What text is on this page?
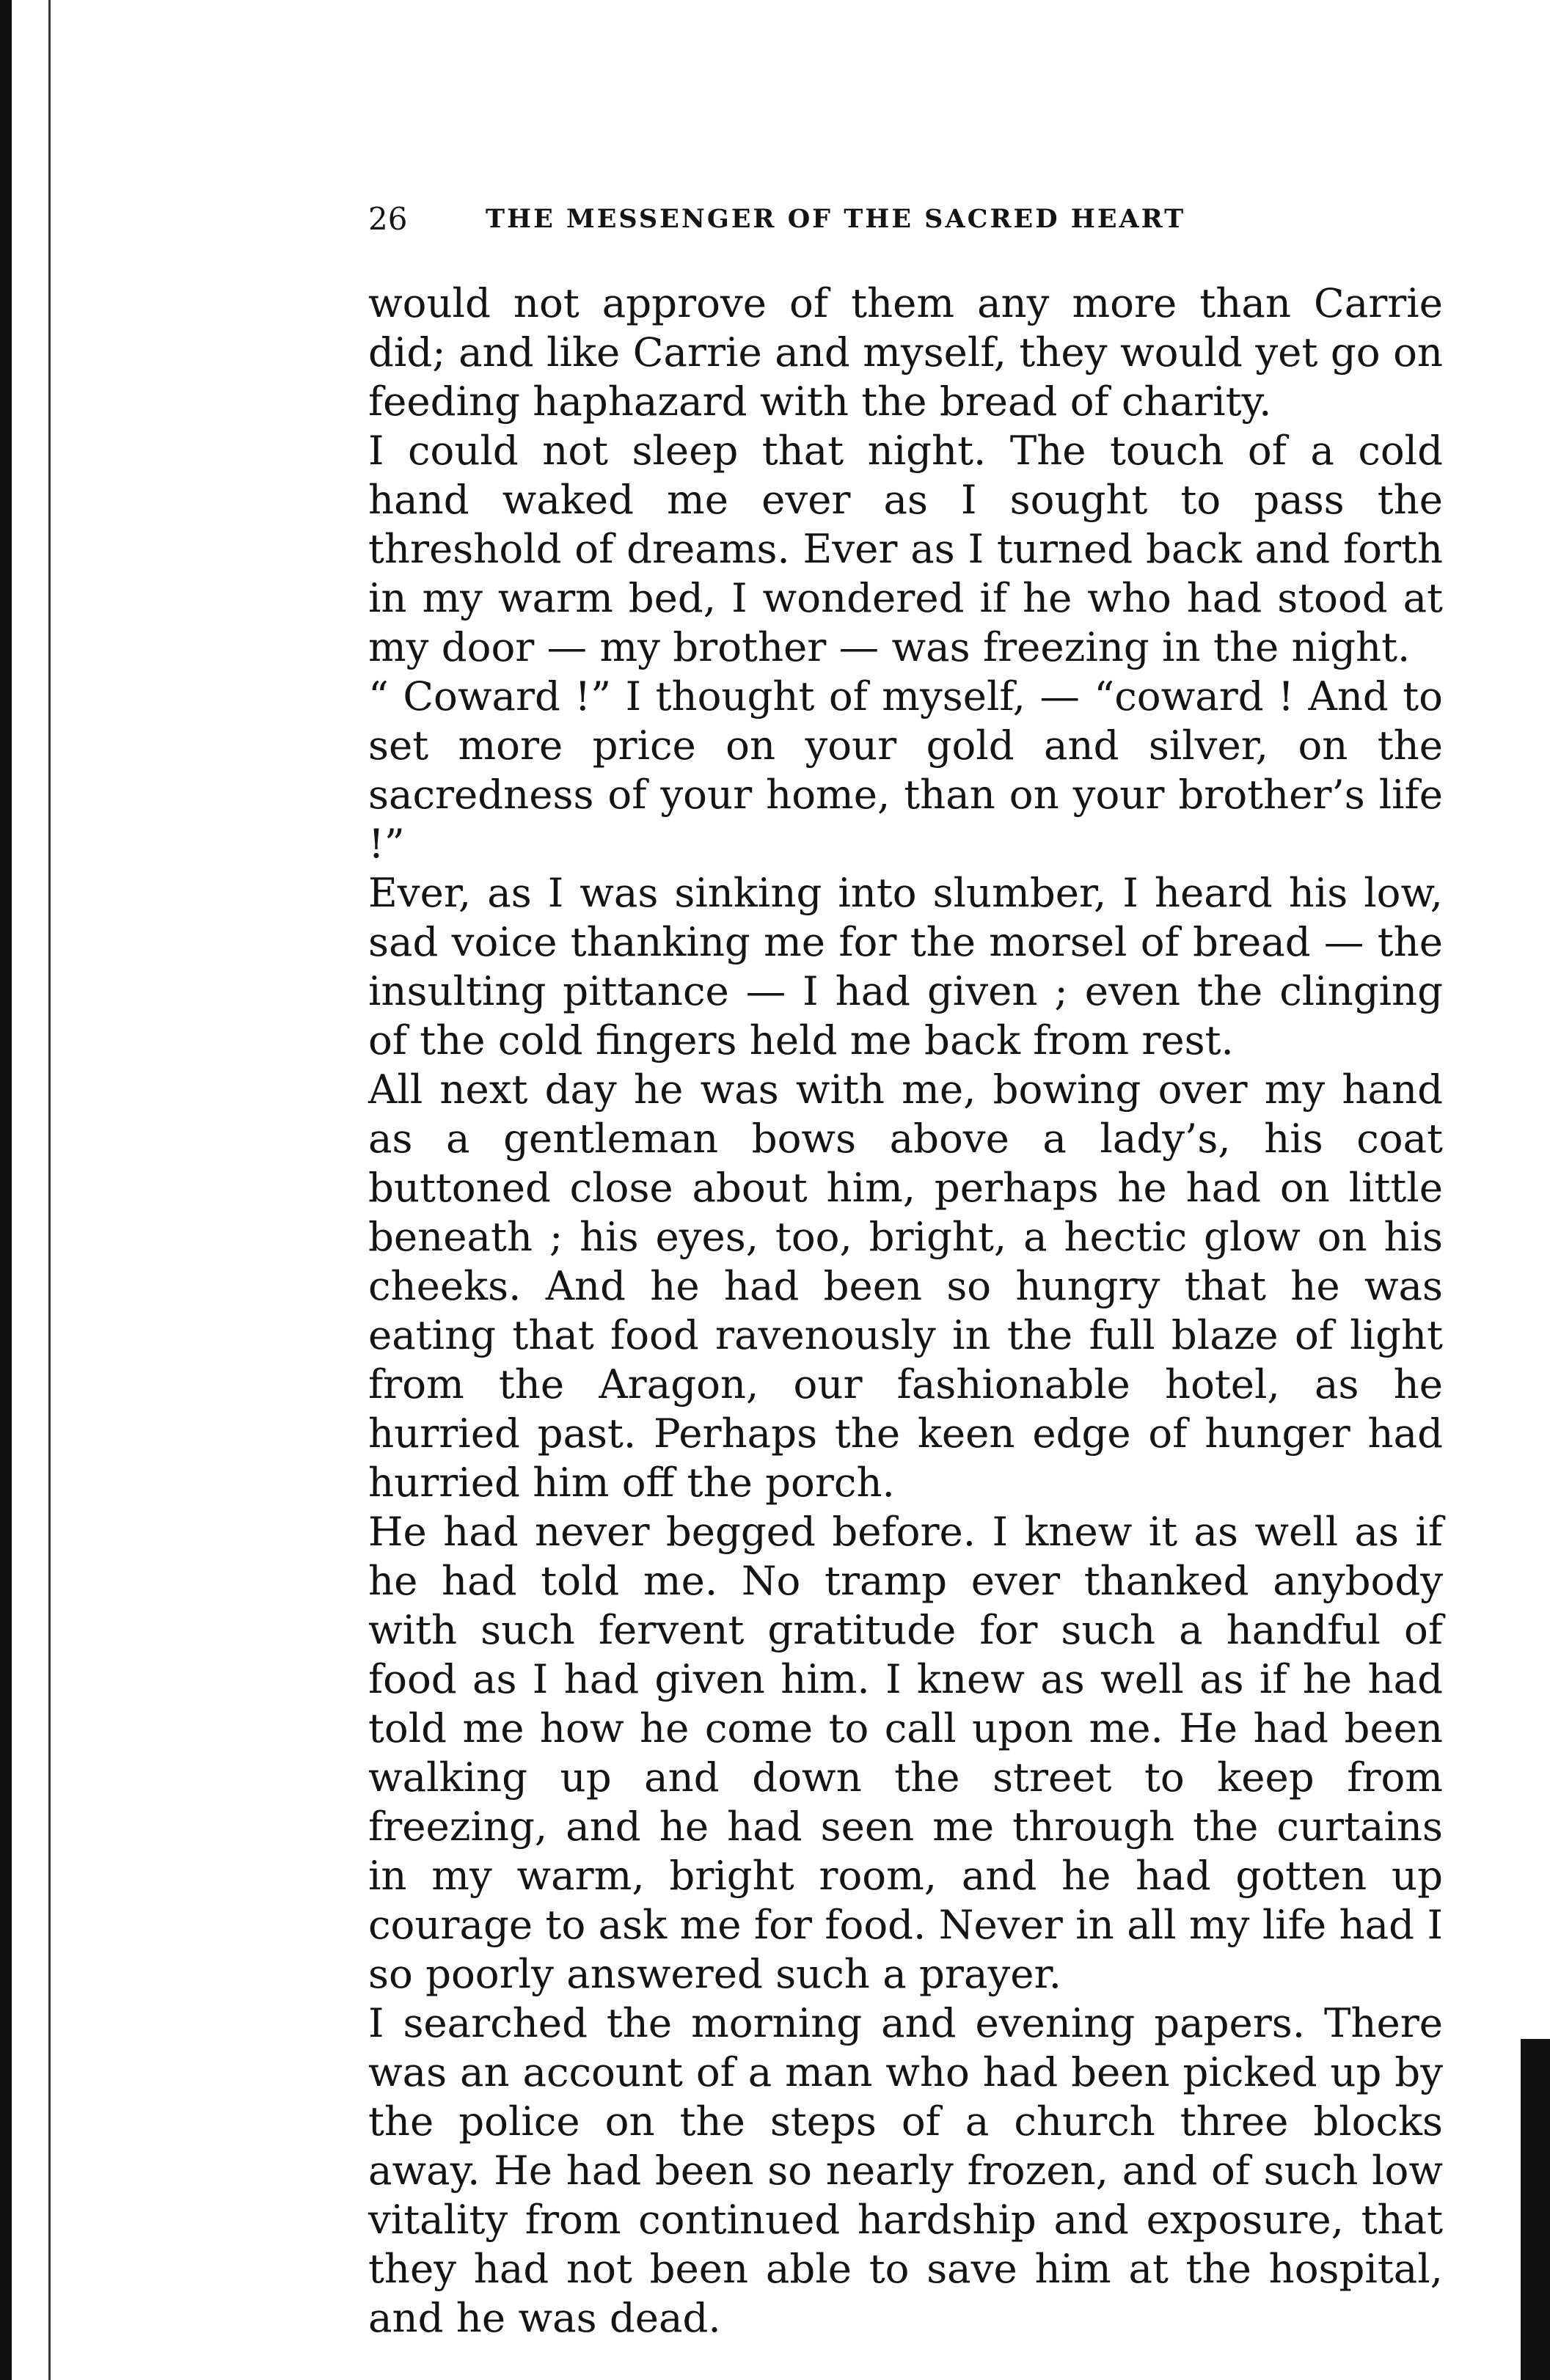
26	THE MESSENGER OF THE SACRED HEART

would not approve of them any more than Carrie did; and like Carrie and myself, they would yet go on feeding haphazard with the bread of charity.

I could not sleep that night. The touch of a cold hand waked me ever as I sought to pass the threshold of dreams. Ever as I turned back and forth in my warm bed, I wondered if he who had stood at my door — my brother — was freezing in the night.

“ Coward !” I thought of myself, — “coward ! And to set more price on your gold and silver, on the sacredness of your home, than on your brother’s life !”

Ever, as I was sinking into slumber, I heard his low, sad voice thanking me for the morsel of bread — the insulting pittance — I had given ; even the clinging of the cold fingers held me back from rest.

All next day he was with me, bowing over my hand as a gentleman bows above a lady’s, his coat buttoned close about him, perhaps he had on little beneath ; his eyes, too, bright, a hectic glow on his cheeks. And he had been so hungry that he was eating that food ravenously in the full blaze of light from the Aragon, our fashionable hotel, as he hurried past. Perhaps the keen edge of hunger had hurried him off the porch.

He had never begged before. I knew it as well as if he had told me. No tramp ever thanked anybody with such fervent gratitude for such a handful of food as I had given him. I knew as well as if he had told me how he come to call upon me. He had been walking up and down the street to keep from freezing, and he had seen me through the curtains in my warm, bright room, and he had gotten up courage to ask me for food. Never in all my life had I so poorly answered such a prayer.

I searched the morning and evening papers. There was an account of a man who had been picked up by the police on the steps of a church three blocks away. He had been so nearly frozen, and of such low vitality from continued hardship and exposure, that they had not been able to save him at the hospital, and he was dead.
